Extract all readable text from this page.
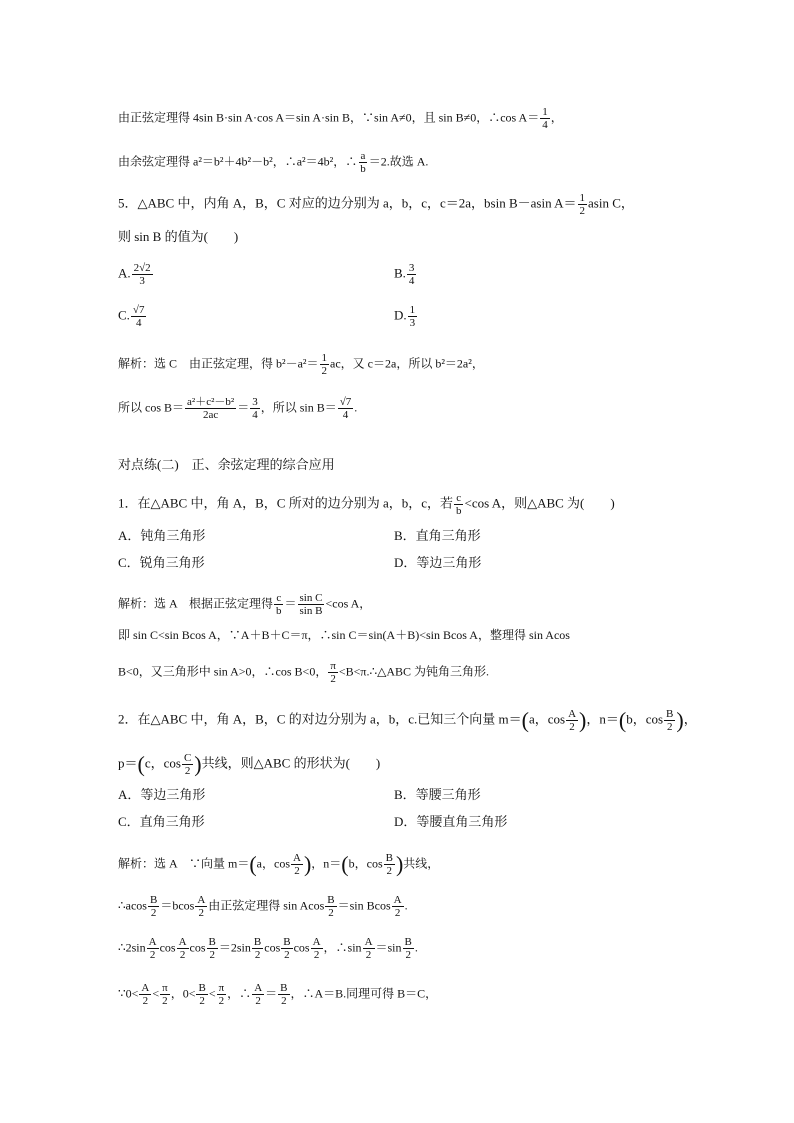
由正弦定理得 4sin B·sin A·cos A＝sin A·sin B，∵sin A≠0，且 sin B≠0，∴cos $A= \frac{1}{4}$ ，
由余弦定理得 a²＝b²＋4b²－b²，∴a²＝4b²，∴ $\frac{a}{b} =2$.故选 A.
5．△ABC 中，内角 A，B，C 对应的边分别为 a，b，c，c＝2a，bsin B－asin $A= \frac{1}{2}$ asin C，
则 sin B 的值为(　　)
A. $\frac{2√2}{3}$	B. $\frac{3}{4}$
C. $\frac{√7}{4}$	D. $\frac{1}{3}$
解析：选 C　由正弦定理，得 $b^2-a^2= \frac{1}{2}$ ac，又 c＝2a，所以 b²＝2a²，
所以 $\cos B= \frac{\text{a²＋c²－b²}}{2ac} = \frac{3}{4}$ ，所以 $\sin B= \frac{√7}{4}$ .
对点练(二)　正、余弦定理的综合应用
1．在△ABC 中，角 A，B，C 所对的边分别为 a，b，c，若 $\frac{c}{b} <\cos$ A，则△ABC 为(　　)
A．钝角三角形	B．直角三角形
C．锐角三角形	D．等边三角形
解析：选 A　根据正弦定理得 $\frac{c}{b} = \frac{\text{sin C}}{\text{sin B}} <\cos$ A，
即 sin C<sin Bcos A，∵A＋B＋C＝π，∴sin C＝sin(A＋B)<sin Bcos A，整理得 sin Acos
B<0，又三角形中 sin A>0，∴cos B<0， $\frac{\pi}{2}$ <B<π.∴△ABC 为钝角三角形.
2．在△ABC 中，角 A，B，C 的对边分别为 a，b，c.已知三个向量 m＝(a，$\cos \frac{A}{2}$ )，n＝(b，$\cos \frac{B}{2}$ )，
p＝(c，$\cos \frac{C}{2}$ )共线，则△ABC 的形状为(　　)
A．等边三角形	B．等腰三角形
C．直角三角形	D．等腰直角三角形
解析：选 A　∵向量 m＝(a，$\cos \frac{A}{2}$ )，n＝(b，$\cos \frac{B}{2}$ )共线，
∴acos $\frac{B}{2} =bcos \frac{A}{2}$ 由正弦定理得 sin Acos $\frac{B}{2} =\sin$ Bcos $\frac{A}{2}$ .
∴2sin $\frac{A}{2}$ $\cos \frac{A}{2}$ $\cos \frac{B}{2} =2\sin \frac{B}{2}$ $\cos \frac{B}{2}$ $\cos \frac{A}{2}$ ，∴sin $\frac{A}{2} =\sin \frac{B}{2}$ .
∵0< $\frac{A}{2} < \frac{\pi}{2}$ ，$0< \frac{B}{2} < \frac{\pi}{2}$ ，∴ $\frac{A}{2} = \frac{B}{2}$ ，∴A＝B.同理可得 B＝C，
